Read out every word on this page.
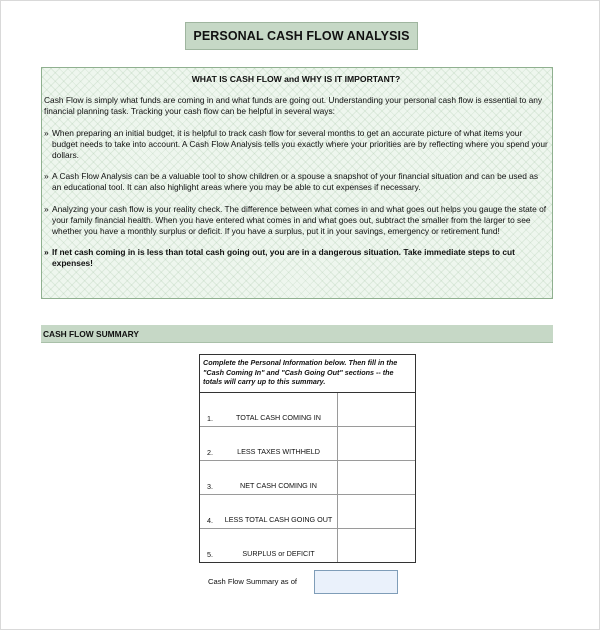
PERSONAL CASH FLOW ANALYSIS
WHAT IS CASH FLOW and WHY IS IT IMPORTANT?

Cash Flow is simply what funds are coming in and what funds are going out. Understanding your personal cash flow is essential to any financial planning task. Tracking your cash flow can be helpful in several ways:

» When preparing an initial budget, it is helpful to track cash flow for several months to get an accurate picture of what items your budget needs to take into account. A Cash Flow Analysis tells you exactly where your priorities are by reflecting where you spend your dollars.
» A Cash Flow Analysis can be a valuable tool to show children or a spouse a snapshot of your financial situation and can be used as an educational tool. It can also highlight areas where you may be able to cut expenses if necessary.
» Analyzing your cash flow is your reality check. The difference between what comes in and what goes out helps you gauge the state of your family financial health. When you have entered what comes in and what goes out, subtract the smaller from the larger to see whether you have a monthly surplus or deficit. If you have a surplus, put it in your savings, emergency or retirement fund!
» If net cash coming in is less than total cash going out, you are in a dangerous situation. Take immediate steps to cut expenses!
CASH FLOW SUMMARY
Complete the Personal Information below. Then fill in the "Cash Coming In" and "Cash Going Out" sections -- the totals will carry up to this summary.
1.	TOTAL CASH COMING IN
2.	LESS TAXES WITHHELD
3.	NET CASH COMING IN
4.	LESS TOTAL CASH GOING OUT
5.	SURPLUS or DEFICIT
Cash Flow Summary as of
